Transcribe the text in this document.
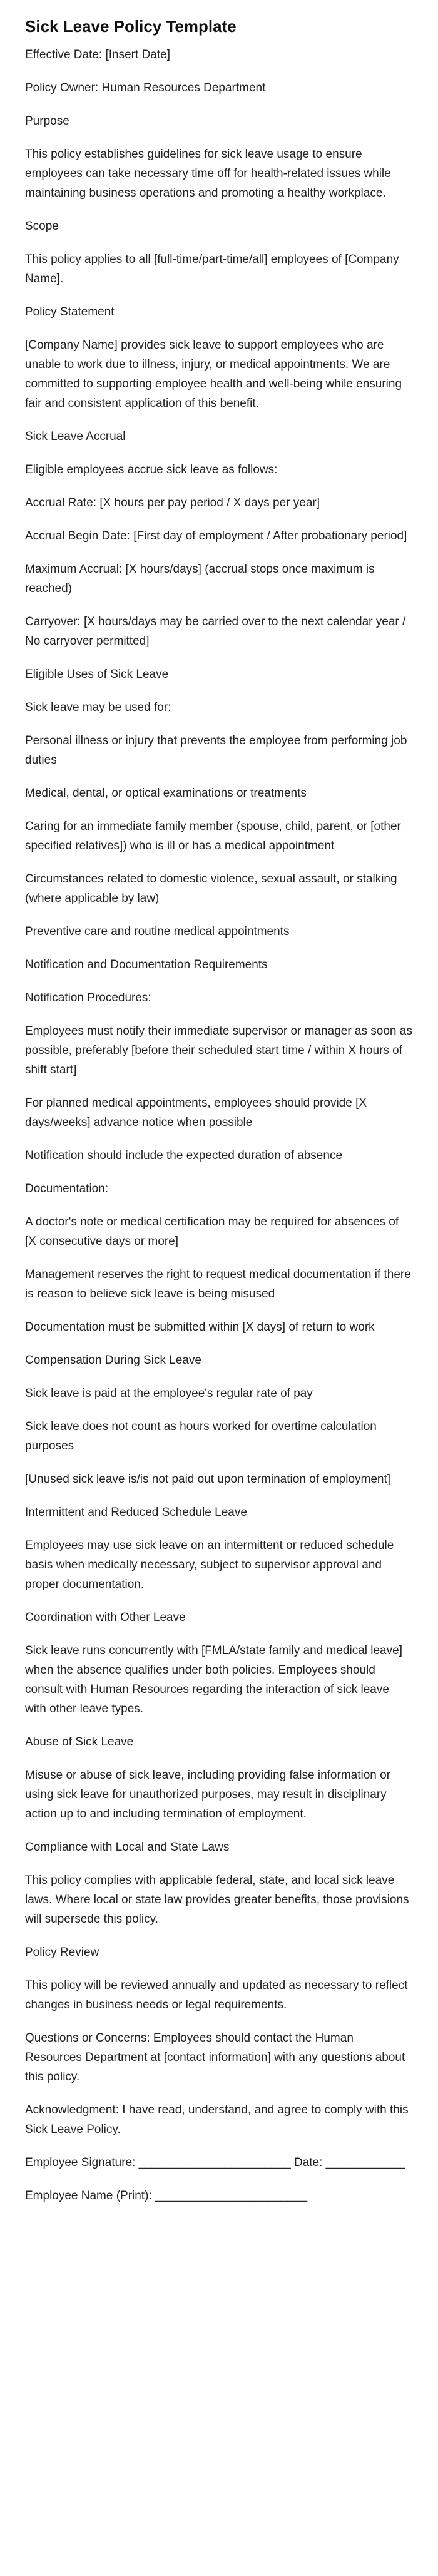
Sick Leave Policy Template

Effective Date: [Insert Date]

Policy Owner: Human Resources Department

Purpose

This policy establishes guidelines for sick leave usage to ensure employees can take necessary time off for health-related issues while maintaining business operations and promoting a healthy workplace.

Scope

This policy applies to all [full-time/part-time/all] employees of [Company Name].

Policy Statement

[Company Name] provides sick leave to support employees who are unable to work due to illness, injury, or medical appointments. We are committed to supporting employee health and well-being while ensuring fair and consistent application of this benefit.

Sick Leave Accrual

Eligible employees accrue sick leave as follows:

Accrual Rate: [X hours per pay period / X days per year]

Accrual Begin Date: [First day of employment / After probationary period]

Maximum Accrual: [X hours/days] (accrual stops once maximum is reached)

Carryover: [X hours/days may be carried over to the next calendar year / No carryover permitted]

Eligible Uses of Sick Leave

Sick leave may be used for:

Personal illness or injury that prevents the employee from performing job duties

Medical, dental, or optical examinations or treatments

Caring for an immediate family member (spouse, child, parent, or [other specified relatives]) who is ill or has a medical appointment

Circumstances related to domestic violence, sexual assault, or stalking (where applicable by law)

Preventive care and routine medical appointments

Notification and Documentation Requirements

Notification Procedures:

Employees must notify their immediate supervisor or manager as soon as possible, preferably [before their scheduled start time / within X hours of shift start]

For planned medical appointments, employees should provide [X days/weeks] advance notice when possible

Notification should include the expected duration of absence

Documentation:

A doctor's note or medical certification may be required for absences of [X consecutive days or more]

Management reserves the right to request medical documentation if there is reason to believe sick leave is being misused

Documentation must be submitted within [X days] of return to work

Compensation During Sick Leave

Sick leave is paid at the employee's regular rate of pay

Sick leave does not count as hours worked for overtime calculation purposes

[Unused sick leave is/is not paid out upon termination of employment]

Intermittent and Reduced Schedule Leave

Employees may use sick leave on an intermittent or reduced schedule basis when medically necessary, subject to supervisor approval and proper documentation.

Coordination with Other Leave

Sick leave runs concurrently with [FMLA/state family and medical leave] when the absence qualifies under both policies. Employees should consult with Human Resources regarding the interaction of sick leave with other leave types.

Abuse of Sick Leave

Misuse or abuse of sick leave, including providing false information or using sick leave for unauthorized purposes, may result in disciplinary action up to and including termination of employment.

Compliance with Local and State Laws

This policy complies with applicable federal, state, and local sick leave laws. Where local or state law provides greater benefits, those provisions will supersede this policy.

Policy Review

This policy will be reviewed annually and updated as necessary to reflect changes in business needs or legal requirements.

Questions or Concerns: Employees should contact the Human Resources Department at [contact information] with any questions about this policy.

Acknowledgment: I have read, understand, and agree to comply with this Sick Leave Policy.

Employee Signature: _______________________ Date: ____________

Employee Name (Print): _______________________
